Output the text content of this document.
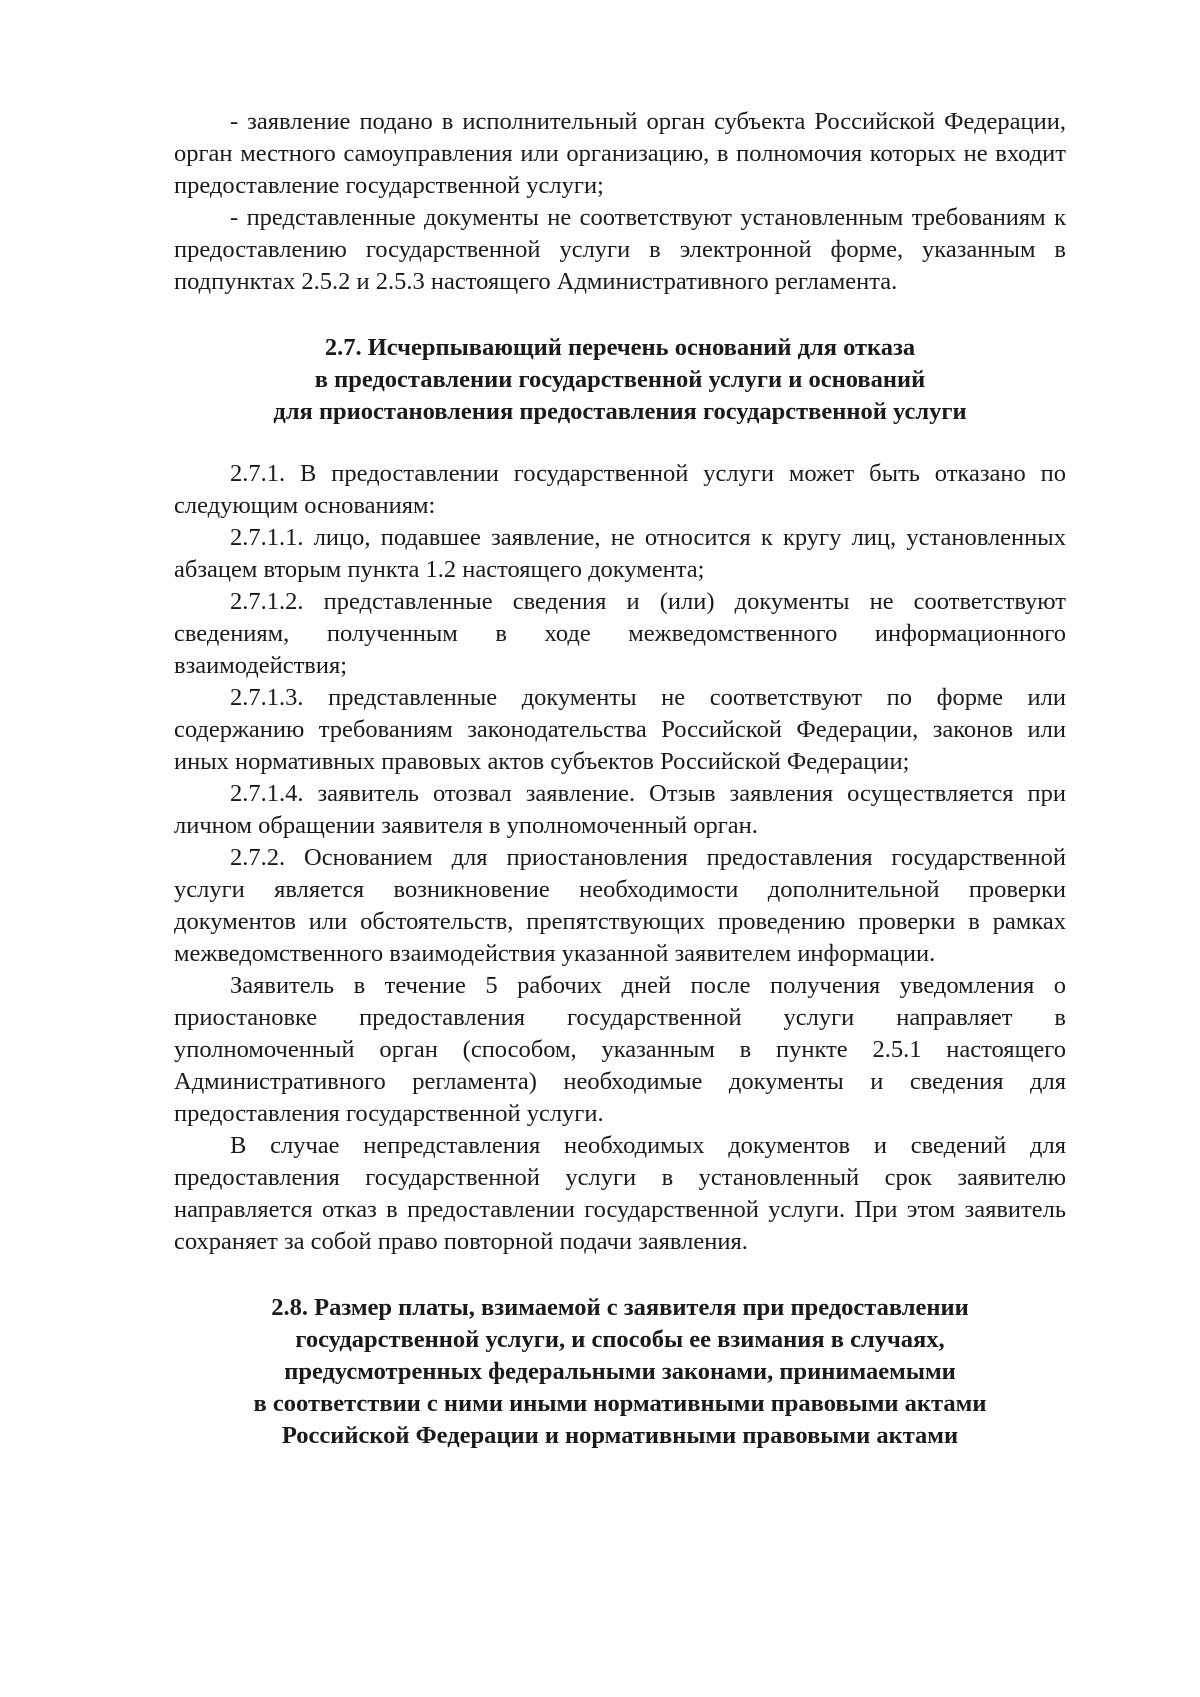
- заявление подано в исполнительный орган субъекта Российской Федерации, орган местного самоуправления или организацию, в полномочия которых не входит предоставление государственной услуги;

- представленные документы не соответствуют установленным требованиям к предоставлению государственной услуги в электронной форме, указанным в подпунктах 2.5.2 и 2.5.3 настоящего Административного регламента.

2.7. Исчерпывающий перечень оснований для отказа
в предоставлении государственной услуги и оснований
для приостановления предоставления государственной услуги

2.7.1. В предоставлении государственной услуги может быть отказано по следующим основаниям:

2.7.1.1. лицо, подавшее заявление, не относится к кругу лиц, установленных абзацем вторым пункта 1.2 настоящего документа;

2.7.1.2. представленные сведения и (или) документы не соответствуют сведениям, полученным в ходе межведомственного информационного взаимодействия;

2.7.1.3. представленные документы не соответствуют по форме или содержанию требованиям законодательства Российской Федерации, законов или иных нормативных правовых актов субъектов Российской Федерации;

2.7.1.4. заявитель отозвал заявление. Отзыв заявления осуществляется при личном обращении заявителя в уполномоченный орган.

2.7.2. Основанием для приостановления предоставления государственной услуги является возникновение необходимости дополнительной проверки документов или обстоятельств, препятствующих проведению проверки в рамках межведомственного взаимодействия указанной заявителем информации.

Заявитель в течение 5 рабочих дней после получения уведомления о приостановке предоставления государственной услуги направляет в уполномоченный орган (способом, указанным в пункте 2.5.1 настоящего Административного регламента) необходимые документы и сведения для предоставления государственной услуги.

В случае непредставления необходимых документов и сведений для предоставления государственной услуги в установленный срок заявителю направляется отказ в предоставлении государственной услуги. При этом заявитель сохраняет за собой право повторной подачи заявления.

2.8. Размер платы, взимаемой с заявителя при предоставлении
государственной услуги, и способы ее взимания в случаях,
предусмотренных федеральными законами, принимаемыми
в соответствии с ними иными нормативными правовыми актами
Российской Федерации и нормативными правовыми актами
